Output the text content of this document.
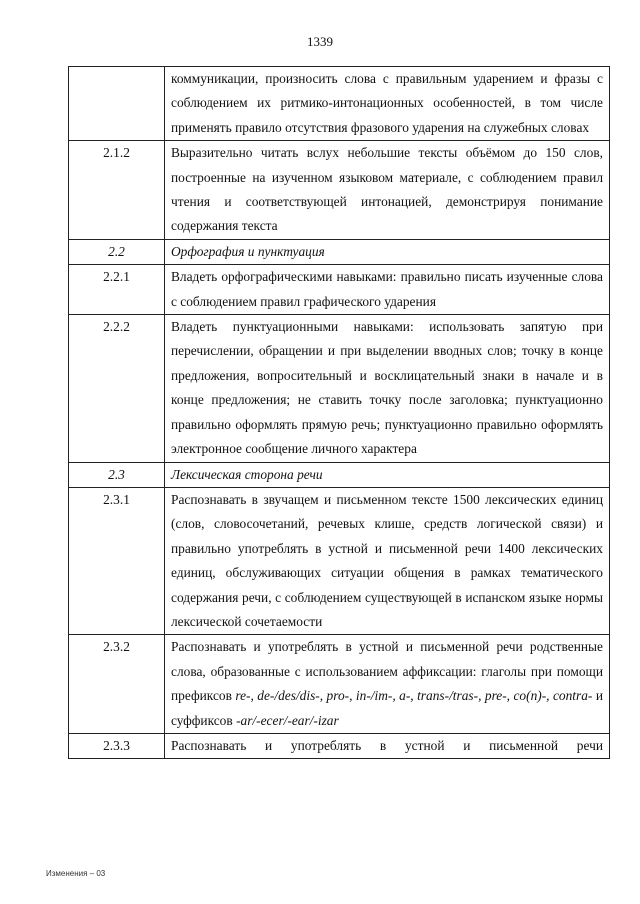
1339
	коммуникации, произносить слова с правильным ударением и фразы с соблюдением их ритмико-интонационных особенностей, в том числе применять правило отсутствия фразового ударения на служебных словах
2.1.2	Выразительно читать вслух небольшие тексты объёмом до 150 слов, построенные на изученном языковом материале, с соблюдением правил чтения и соответствующей интонацией, демонстрируя понимание содержания текста
2.2	Орфография и пунктуация
2.2.1	Владеть орфографическими навыками: правильно писать изученные слова с соблюдением правил графического ударения
2.2.2	Владеть пунктуационными навыками: использовать запятую при перечислении, обращении и при выделении вводных слов; точку в конце предложения, вопросительный и восклицательный знаки в начале и в конце предложения; не ставить точку после заголовка; пунктуационно правильно оформлять прямую речь; пунктуационно правильно оформлять электронное сообщение личного характера
2.3	Лексическая сторона речи
2.3.1	Распознавать в звучащем и письменном тексте 1500 лексических единиц (слов, словосочетаний, речевых клише, средств логической связи) и правильно употреблять в устной и письменной речи 1400 лексических единиц, обслуживающих ситуации общения в рамках тематического содержания речи, с соблюдением существующей в испанском языке нормы лексической сочетаемости
2.3.2	Распознавать и употреблять в устной и письменной речи родственные слова, образованные с использованием аффиксации: глаголы при помощи префиксов re-, de-/des/dis-, pro-, in-/im-, a-, trans-/tras-, pre-, co(n)-, contra- и суффиксов -ar/-ecer/-ear/-izar
2.3.3	Распознавать и употреблять в устной и письменной речи
Изменения – 03
